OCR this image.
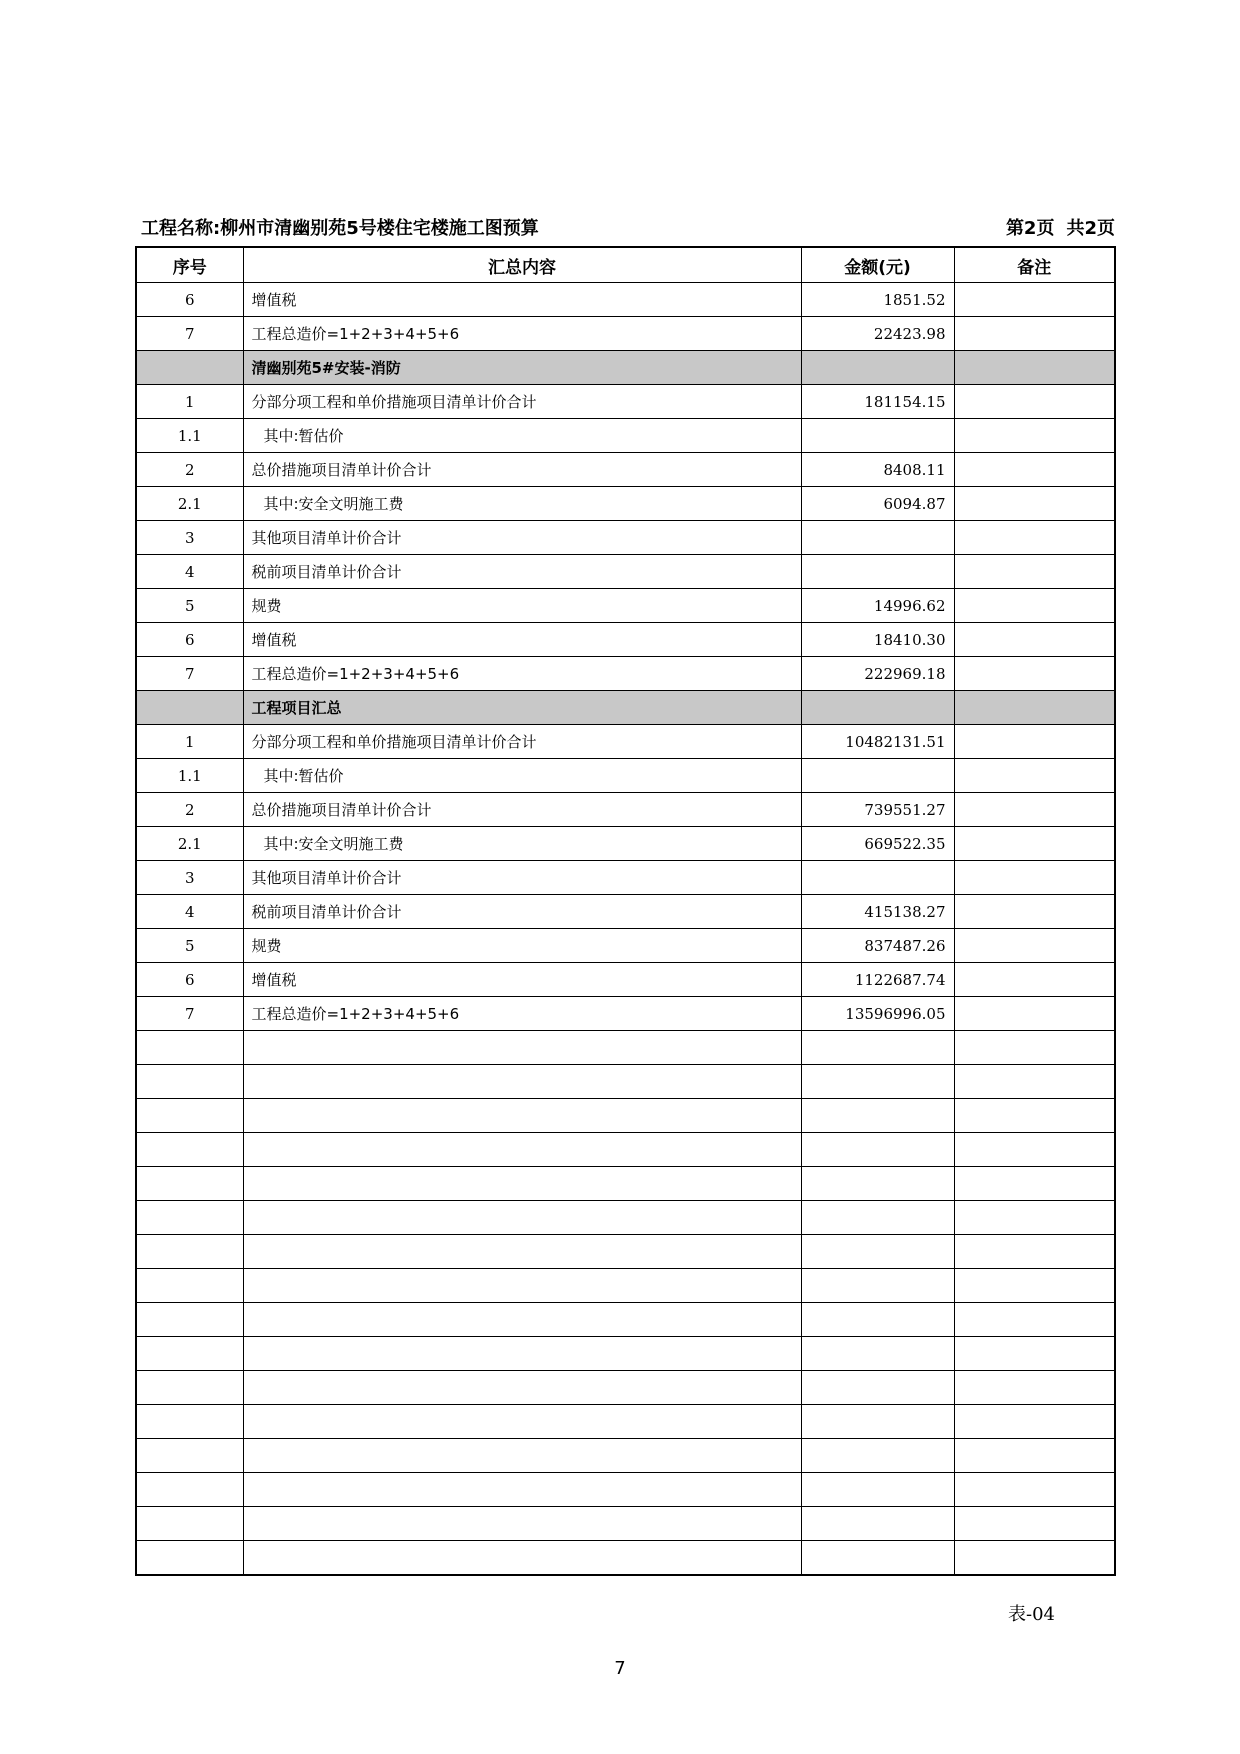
工程名称:柳州市清幽别苑5号楼住宅楼施工图预算	第2页 共2页
序号	汇总内容	金额(元)	备注
6	增值税	1851.52	
7	工程总造价=1+2+3+4+5+6	22423.98	
	清幽别苑5#安装-消防		
1	分部分项工程和单价措施项目清单计价合计	181154.15	
1.1	其中:暂估价		
2	总价措施项目清单计价合计	8408.11	
2.1	其中:安全文明施工费	6094.87	
3	其他项目清单计价合计		
4	税前项目清单计价合计		
5	规费	14996.62	
6	增值税	18410.30	
7	工程总造价=1+2+3+4+5+6	222969.18	
	工程项目汇总		
1	分部分项工程和单价措施项目清单计价合计	10482131.51	
1.1	其中:暂估价		
2	总价措施项目清单计价合计	739551.27	
2.1	其中:安全文明施工费	669522.35	
3	其他项目清单计价合计		
4	税前项目清单计价合计	415138.27	
5	规费	837487.26	
6	增值税	1122687.74	
7	工程总造价=1+2+3+4+5+6	13596996.05	

表-04
7
